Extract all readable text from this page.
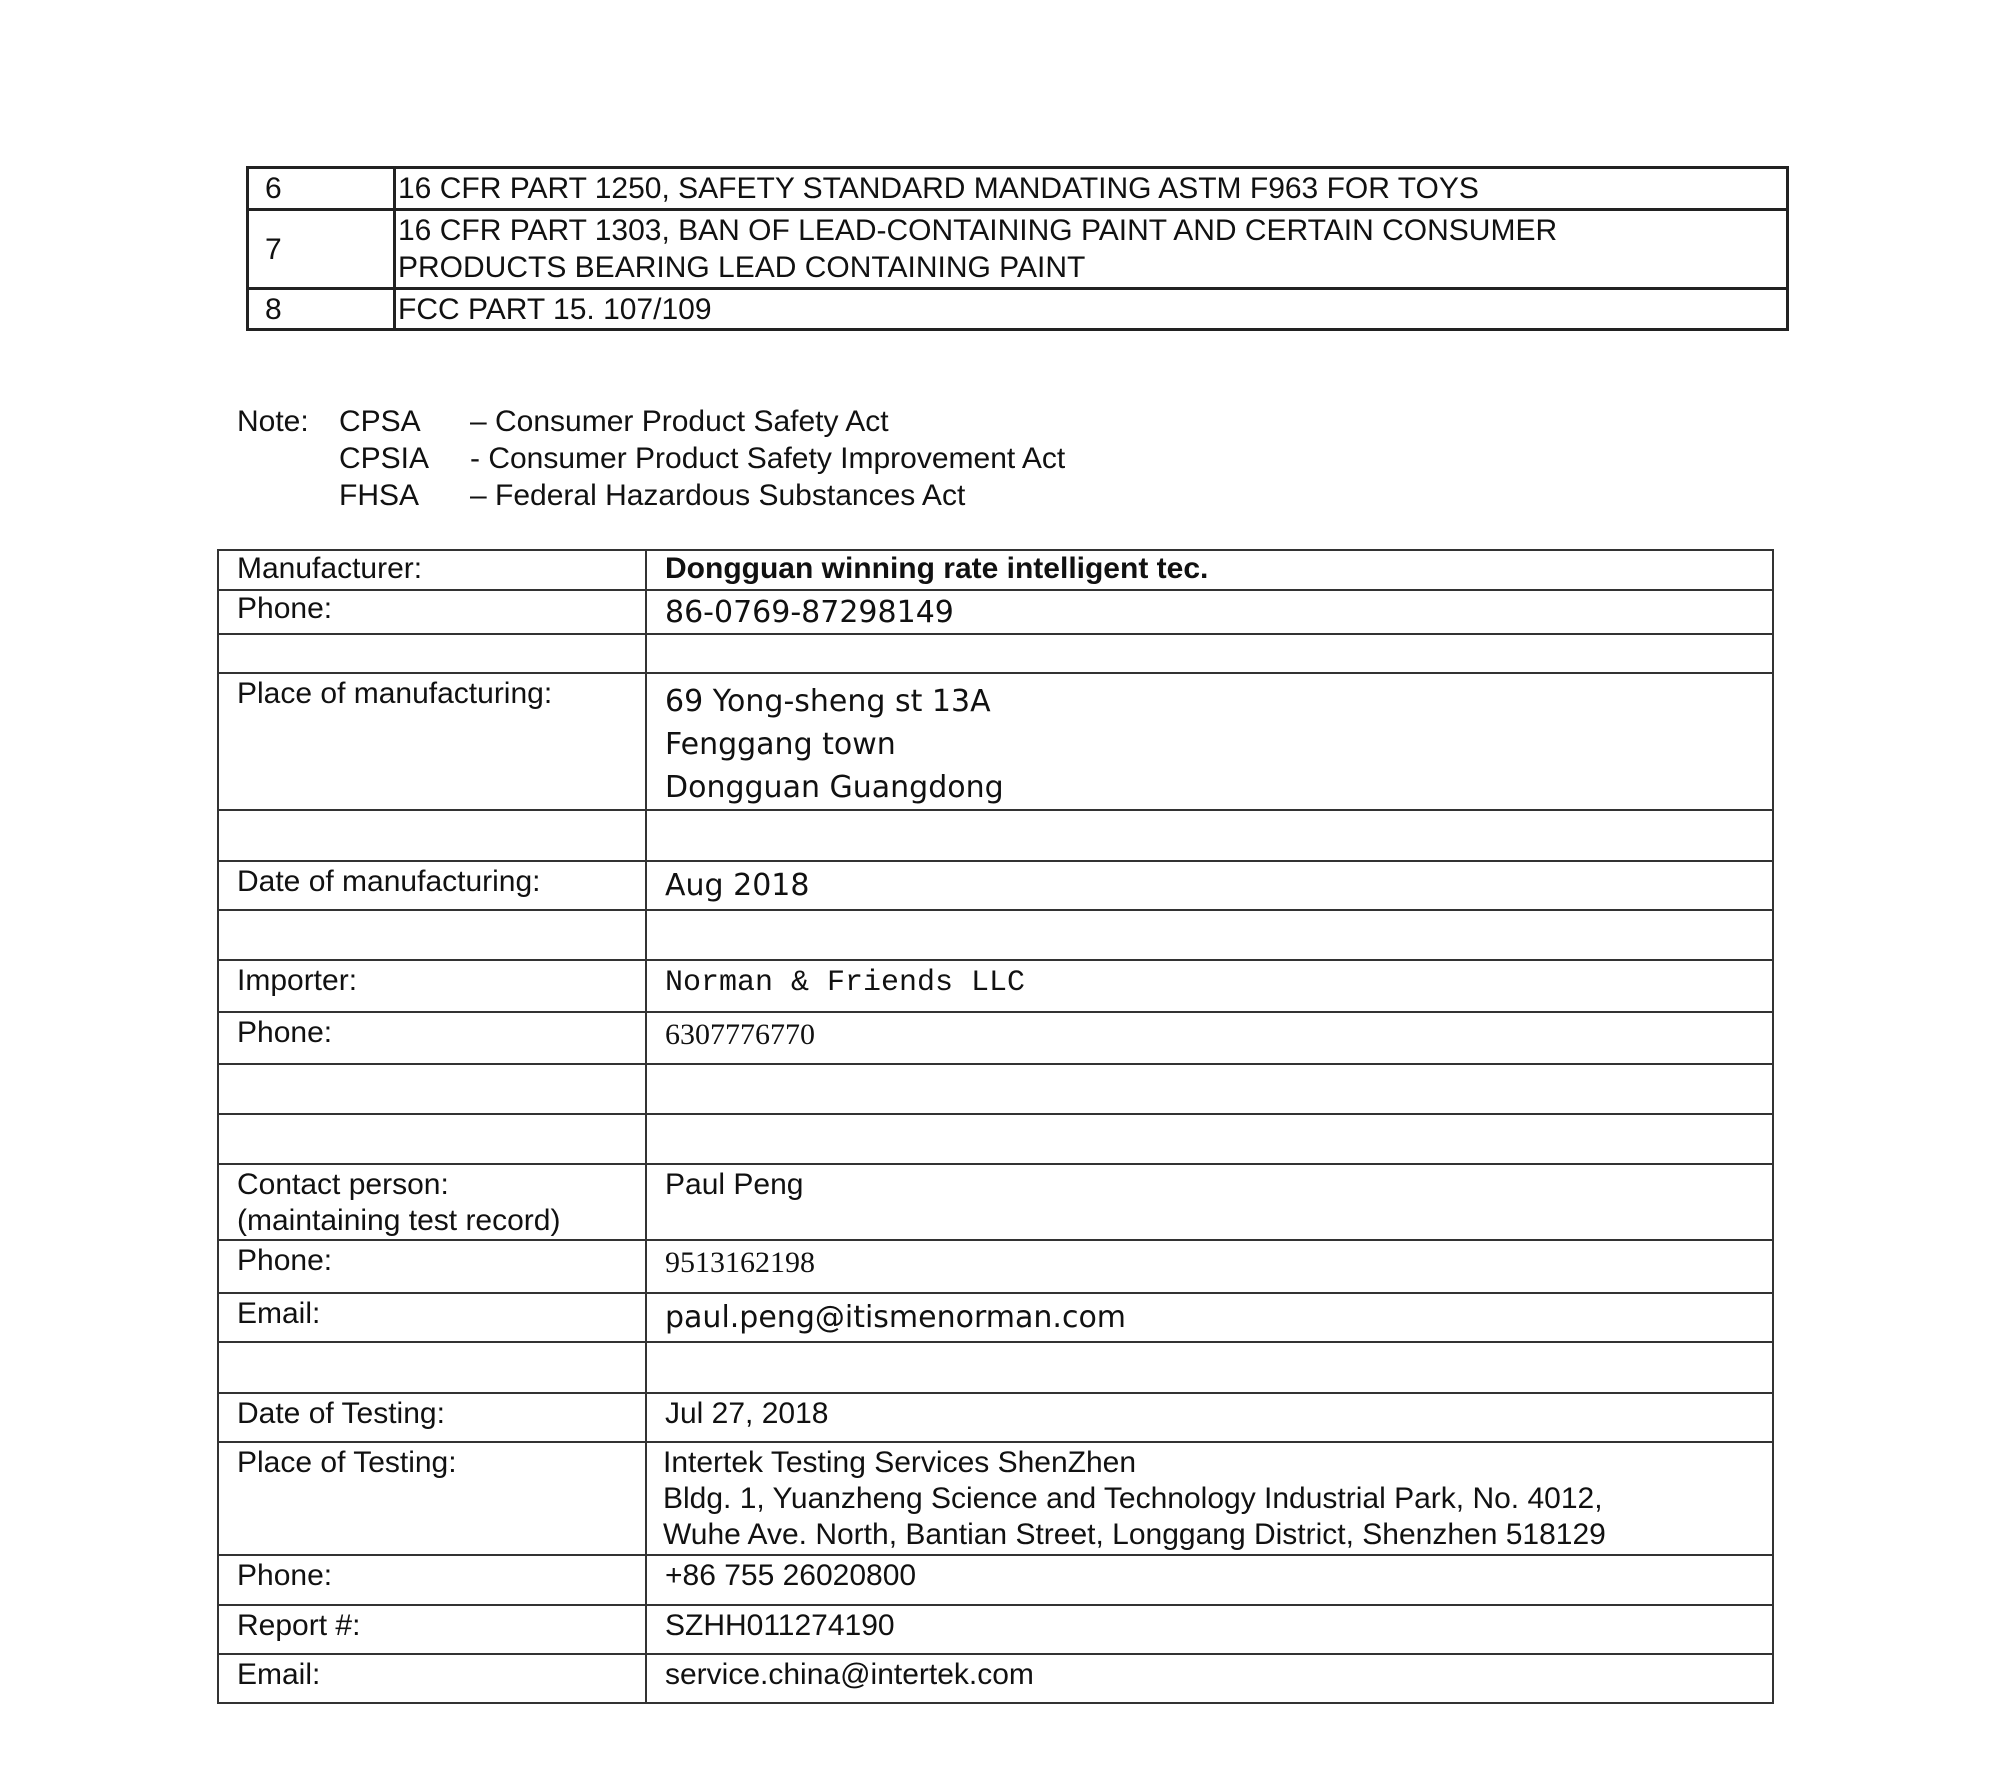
6	16 CFR PART 1250, SAFETY STANDARD MANDATING ASTM F963 FOR TOYS

7	16 CFR PART 1303, BAN OF LEAD-CONTAINING PAINT AND CERTAIN CONSUMER
PRODUCTS BEARING LEAD CONTAINING PAINT

8	FCC PART 15. 107/109
Note: CPSA – Consumer Product Safety Act
CPSIA - Consumer Product Safety Improvement Act
FHSA – Federal Hazardous Substances Act
Manufacturer:	Dongguan winning rate intelligent tec.
Phone:	86-0769-87298149

Place of manufacturing:	69 Yong-sheng st 13A
Fenggang town
Dongguan Guangdong

Date of manufacturing:	Aug 2018

Importer:	Norman & Friends LLC
Phone:	6307776770

Contact person:
(maintaining test record)	Paul Peng
Phone:	9513162198
Email:	paul.peng@itismenorman.com

Date of Testing:	Jul 27, 2018
Place of Testing:	Intertek Testing Services ShenZhen
Bldg. 1, Yuanzheng Science and Technology Industrial Park, No. 4012,
Wuhe Ave. North, Bantian Street, Longgang District, Shenzhen 518129

Phone:	+86 755 26020800
Report #:	SZHH011274190
Email:	service.china@intertek.com
